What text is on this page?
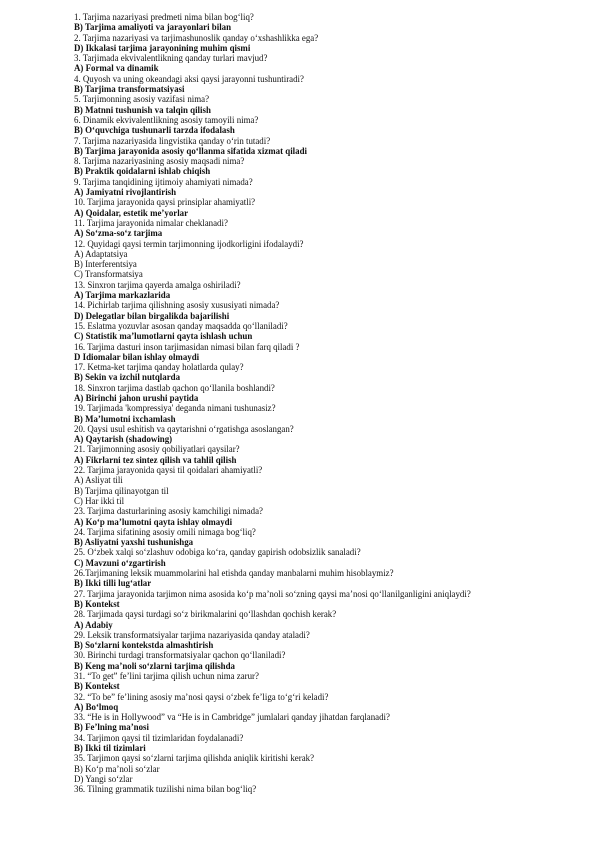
1. Tarjima nazariyasi predmeti nima bilan bog‘liq?
B) Tarjima amaliyoti va jarayonlari bilan
2. Tarjima nazariyasi va tarjimashunoslik qanday o‘xshashlikka ega?
D) Ikkalasi tarjima jarayonining muhim qismi
3. Tarjimada ekvivalentlikning qanday turlari mavjud?
A) Formal va dinamik
4. Quyosh va uning okeandagi aksi qaysi jarayonni tushuntiradi?
B) Tarjima transformatsiyasi
5. Tarjimonning asosiy vazifasi nima?
B) Matnni tushunish va talqin qilish
6. Dinamik ekvivalentlikning asosiy tamoyili nima?
B) O‘quvchiga tushunarli tarzda ifodalash
7. Tarjima nazariyasida lingvistika qanday o‘rin tutadi?
B) Tarjima jarayonida asosiy qo‘llanma sifatida xizmat qiladi
8. Tarjima nazariyasining asosiy maqsadi nima?
B) Praktik qoidalarni ishlab chiqish
9. Tarjima tanqidining ijtimoiy ahamiyati nimada?
A) Jamiyatni rivojlantirish
10. Tarjima jarayonida qaysi prinsiplar ahamiyatli?
A) Qoidalar, estetik me’yorlar
11. Tarjima jarayonida nimalar cheklanadi?
A) So‘zma-so‘z tarjima
12. Quyidagi qaysi termin tarjimonning ijodkorligini ifodalaydi?
A) Adaptatsiya
B) Interferentsiya
C) Transformatsiya
13. Sinxron tarjima qayerda amalga oshiriladi?
A) Tarjima markazlarida
14. Pichirlab tarjima qilishning asosiy xususiyati nimada?
D) Delegatlar bilan birgalikda bajarilishi
15. Eslatma yozuvlar asosan qanday maqsadda qo‘llaniladi?
C) Statistik ma’lumotlarni qayta ishlash uchun
16. Tarjima dasturi inson tarjimasidan nimasi bilan farq qiladi ?
D Idiomalar bilan ishlay olmaydi
17. Ketma-ket tarjima qanday holatlarda qulay?
B) Sekin va izchil nutqlarda
18. Sinxron tarjima dastlab qachon qo‘llanila boshlandi?
A) Birinchi jahon urushi paytida
19. Tarjimada 'kompressiya' deganda nimani tushunasiz?
B) Ma’lumotni ixchamlash
20. Qaysi usul eshitish va qaytarishni o‘rgatishga asoslangan?
A) Qaytarish (shadowing)
21. Tarjimonning asosiy qobiliyatlari qaysilar?
A) Fikrlarni tez sintez qilish va tahlil qilish
22. Tarjima jarayonida qaysi til qoidalari ahamiyatli?
A) Asliyat tili
B) Tarjima qilinayotgan til
C) Har ikki til
23. Tarjima dasturlarining asosiy kamchiligi nimada?
A) Ko‘p ma’lumotni qayta ishlay olmaydi
24. Tarjima sifatining asosiy omili nimaga bog‘liq?
B) Asliyatni yaxshi tushunishga
25. O‘zbek xalqi so‘zlashuv odobiga ko‘ra, qanday gapirish odobsizlik sanaladi?
C) Mavzuni o‘zgartirish
26.Tarjimaning leksik muammolarini hal etishda qanday manbalarni muhim hisoblaymiz?
B) Ikki tilli lug‘atlar
27. Tarjima jarayonida tarjimon nima asosida ko‘p ma’noli so‘zning qaysi ma’nosi qo‘llanilganligini aniqlaydi?
B) Kontekst
28. Tarjimada qaysi turdagi so‘z birikmalarini qo‘llashdan qochish kerak?
A) Adabiy
29. Leksik transformatsiyalar tarjima nazariyasida qanday ataladi?
B) So‘zlarni kontekstda almashtirish
30. Birinchi turdagi transformatsiyalar qachon qo‘llaniladi?
B) Keng ma’noli so‘zlarni tarjima qilishda
31. “To get” fe’lini tarjima qilish uchun nima zarur?
B) Kontekst
32. “To be” fe’lining asosiy ma’nosi qaysi o‘zbek fe’liga to‘g‘ri keladi?
A) Bo‘lmoq
33. “He is in Hollywood” va “He is in Cambridge” jumlalari qanday jihatdan farqlanadi?
B) Fe’lning ma’nosi
34. Tarjimon qaysi til tizimlaridan foydalanadi?
B) Ikki til tizimlari
35. Tarjimon qaysi so‘zlarni tarjima qilishda aniqlik kiritishi kerak?
B) Ko‘p ma’noli so‘zlar
D) Yangi so‘zlar
36. Tilning grammatik tuzilishi nima bilan bog‘liq?
